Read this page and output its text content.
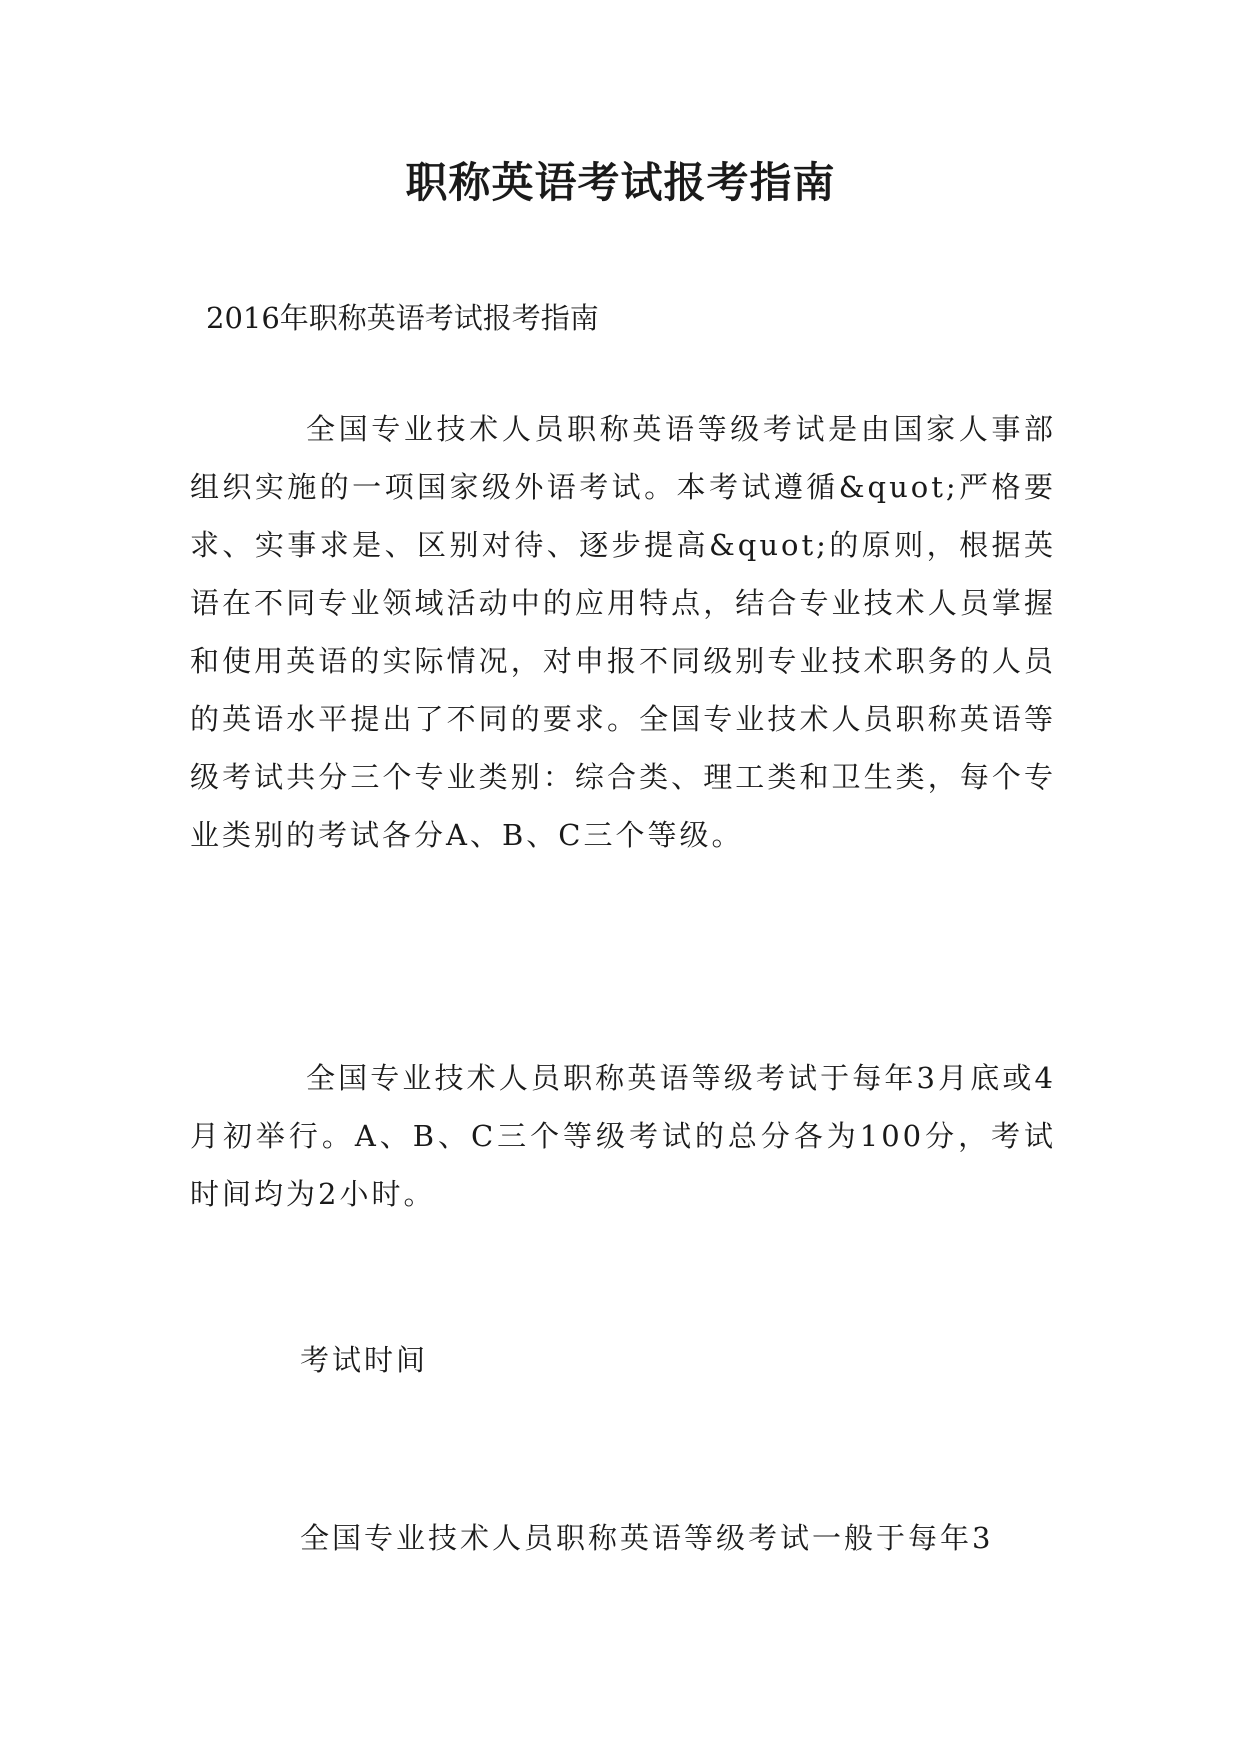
职称英语考试报考指南
2016年职称英语考试报考指南

全国专业技术人员职称英语等级考试是由国家人事部组织实施的一项国家级外语考试。本考试遵循&quot;严格要求、实事求是、区别对待、逐步提高&quot;的原则，根据英语在不同专业领域活动中的应用特点，结合专业技术人员掌握和使用英语的实际情况，对申报不同级别专业技术职务的人员的英语水平提出了不同的要求。全国专业技术人员职称英语等级考试共分三个专业类别：综合类、理工类和卫生类，每个专业类别的考试各分A、B、C三个等级。

全国专业技术人员职称英语等级考试于每年3月底或4月初举行。A、B、C三个等级考试的总分各为100分，考试时间均为2小时。

考试时间
全国专业技术人员职称英语等级考试一般于每年3
